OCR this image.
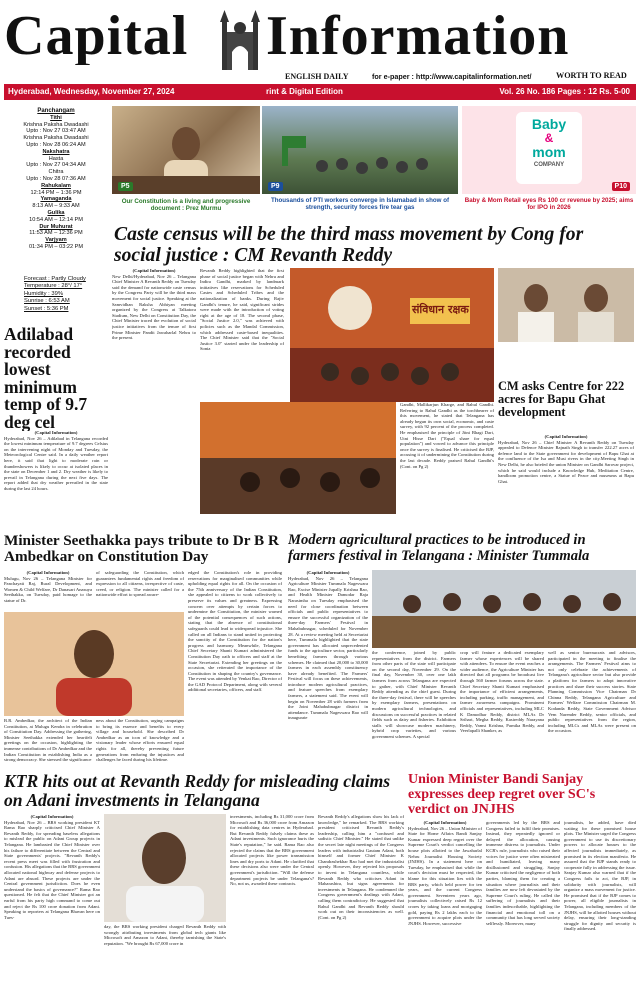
Capital Information
ENGLISH DAILY	for e-paper : http://www.capitalinformation.net/	WORTH TO READ
Hyderabad, Wednesday, November 27, 2024	rint & Digital Edition	Vol. 26 No. 186 Pages : 12 Rs. 5-00
Panchangam
Tithi
Krishna Paksha Dwadashi
Upto : Nov 27 03:47 AM
Krishna Paksha Dwadashi
Upto : Nov 28 06:24 AM
Nakshatra
Hasta
Upto : Nov 27 04:34 AM
Chitra
Upto : Nov 28 07:36 AM
Rahukalam
12:14 PM – 1:36 PM
Yamaganda
8:13 AM – 9:33 AM
Gulika
10:54 AM – 12:14 PM
Dur Muhurat
11:53 AM – 12:36 PM
Varjyam
01:34 PM – 03:22 PM
Forecast : Partly Cloudy
Temperature : 28°/ 17°
Humidity : 39%
Sunrise : 6:53 AM
Sunset : 5:36 PM
Adilabad recorded lowest minimum temp of 9.7 deg cel
(Capital Information)
Hyderabad, Nov 26 – Adilabad in Telangana recorded the lowest minimum temperature of 9.7 degrees Celsius on the intervening night of Monday and Tuesday, the Meteorological Centre said. In a daily weather report here, it said that light to moderate rain or thundershowers is likely to occur at isolated places in the state on December 1 and 2. Dry weather is likely to prevail in Telangana during the next five days. The report added that dry weather prevailed in the state during the last 24 hours.
P5
Our Constitution is a living and progressive document : Prez Murmu
P9
Thousands of PTI workers converge in Islamabad in show of strength, security forces fire tear gas
Baby
&
mom
COMPANY
P10
Baby & Mom Retail eyes Rs 100 cr revenue by 2025; aims for IPO in 2026
Caste census will be the third mass movement by Cong for social justice : CM Revanth Reddy
(Capital Information)
New Delhi/Hyderabad, Nov 26 – Telangana Chief Minister A Revanth Reddy on Tuesday said the demand for nationwide caste census by the Congress Party will be the third mass movement for social justice. Speaking at the Samvidhan Raksha Abhiyan meeting organized by the Congress at Talkatora Stadium, New Delhi on Constitution Day, the Chief Minister traced the evolution of social justice initiatives from the tenure of first Prime Minister Pandit Jawaharlal Nehru to the present.
Revanth Reddy highlighted that the first phase of social justice began with Nehru and Indira Gandhi, marked by landmark initiatives like reservations for Scheduled Castes and Scheduled Tribes and the nationalization of banks. During Rajiv Gandhi's tenure, he said, significant strides were made with the introduction of voting right at the age of 18. The second phase, "Social Justice 2.0," was achieved with policies such as the Mandal Commission, which addressed caste-based inequalities. The Chief Minister said that the "Social Justice 3.0" started under the leadership of Sonia
संविधान रक्षक
Gandhi, Mallikarjun Kharge, and Rahul Gandhi. Referring to Rahul Gandhi as the torchbearer of this movement, he stated that Telangana has already begun its own social, economic, and caste survey, with 92 percent of the process completed. He emphasised the principle of Jitni Bhagi Dari, Utni Hisse Dari ("Equal share for equal population") and vowed to advance this principle once the survey is finalised. He criticised the BJP, accusing it of undermining the Constitution during the last decade. Reddy praised Rahul Gandhi's (Cont. on Pg 2)
CM asks Centre for 222 acres for Bapu Ghat development
(Capital Information)
Hyderabad, Nov 26 – Chief Minister A Revanth Reddy on Tuesday appealed to Defence Minister Rajnath Singh to transfer 222.27 acres of defence land to the State government for development of Bapu Ghat at the confluence of the Isa and Musi rivers in the city.Meeting Singh in New Delhi, he also briefed the union Minister on Gandhi Sarovar project, which he said would include a Knowledge Hub, Meditation Centre, handloom promotion centre, a Statue of Peace and museums at Bapu Ghat.
Minister Seethakka pays tribute to Dr B R Ambedkar on Constitution Day
(Capital Information)
Mulugu, Nov 26 – Telangana Minister for Panchayati Raj, Rural Development, and Women & Child Welfare, Dr Danasari Anasuya Seethakka, on Tuesday, paid homage to the statue of Dr.
of safeguarding the Constitution, which guarantees fundamental rights and freedom of expression to all citizens, irrespective of caste, creed, or religion. The minister called for a nationwide effort to spread aware-
B.R. Ambedkar, the architect of the Indian Constitution, at Mulugu Kendra in celebration of Constitution Day. Addressing the gathering, Minister Seethakka extended her heartfelt greetings on the occasion, highlighting the immense contributions of Dr Ambedkar and the Indian Constitution in establishing India as a strong democracy. She stressed the significance
ness about the Constitution, urging campaigns to bring its essence and benefits to every village and household. She described Dr Ambedkar as an icon of knowledge and a visionary leader whose efforts ensured equal rights for all, thereby preventing future generations from enduring the injustices and challenges he faced during his lifetime.
edged the Constitution's role in providing reservations for marginalised communities while upholding equal rights for all. On the occasion of the 75th anniversary of the Indian Constitution, she appealed to citizens to work collectively to preserve its values and greatness. Expressing concern over attempts by certain forces to undermine the Constitution, the minister warned of the potential consequences of such actions, stating that the absence of constitutional safeguards could lead to widespread injustice. She called on all Indians to stand united in protecting the sanctity of the Constitution for the nation's progress and harmony. Meanwhile, Telangana Chief Secretary Shanti Kumari administered the Constitution Day oath to officers and staff at the State Secretariat. Extending her greetings on the occasion, she reiterated the importance of the Constitution in shaping the country's governance. The event was attended by Venkat Rao, Director of the GAD Protocol Department, along with several additional secretaries, officers, and staff.
Modern agricultural practices to be introduced in farmers festival in Telangana : Minister Tummala
(Capital Information)
Hyderabad, Nov 26 – Telangana Agriculture Minister Tummala Nageswara Rao, Excise Minister Jupally Krishna Rao, and Health Minister Damodar Raja Narasimha on Tuesday emphasised the need for close coordination between officials and public representatives to ensure the successful organization of the three-day Farmers' Festival in Mahabubnagar, scheduled for November 28. At a review meeting held at Secretariat here, Tummala highlighted that the state government has allocated unprecedented funds to the agriculture sector, particularly benefiting farmers through various schemes. He claimed that 20,000 to 30,000 farmers in each assembly constituency have already benefited. The Farmers' Festival will focus on these achievements, introduce modern agricultural practices, and feature speeches from exemplary farmers, a statement said. The event will begin on November 28 with farmers from the Joint Mahabubnagar district in attendance. Tummala Nageswara Rao will inaugurate
the conference, joined by public representatives from the district. Farmers from other parts of the state will participate on the second day, November 29. On the final day, November 30, over one lakh farmers from across Telangana are expected to gather, with Chief Minister Revanth Reddy attending as the chief guest. During the three-day festival, there will be speeches by exemplary farmers, presentations on modern agricultural technologies, and discussions on successful practices in related fields such as dairy and fisheries. Exhibition stalls will showcase modern machinery, hybrid crop varieties, and various government schemes. A special
crop will feature a dedicated exemplary farmer whose experiences will be shared with attendees. To ensure the event reaches a wider audience, the Agriculture Minister has directed that all programs be broadcast live through 560 farmer forums across the state. Chief Secretary Shanti Kumari emphasised the importance of efficient arrangements, including parking, traffic management, and farmer awareness campaigns. Prominent officials and representatives, including MLC K Damodhar Reddy, district MLAs Dr Srihari, Megha Reddy, Kasireddy Narayana Reddy, Vamsi Krishna, Parnika Reddy, and Veerlapalli Shanker, as
well as senior bureaucrats and advisors, participated in the meeting to finalise the arrangements. The Farmers' Festival aims to not only celebrate the achievements of Telangana's agriculture sector but also provide a platform for farmers to adopt innovative practices and share their success stories. State Planning Commission Vice Chairman Dr Chinna Reddy, Telangana Agriculture and Farmers' Welfare Commission Chairman M. Kodanda Reddy, State Government Advisor Vem Narender Reddy, senior officials, and public representatives from the region, including MLCs and MLAs were present on the occasion.
KTR hits out at Revanth Reddy for misleading claims on Adani investments in Telangana
(Capital Information)
Hyderabad, Nov 26 – BRS working president KT Rama Rao sharply criticised Chief Minister A Revanth Reddy, for spreading baseless allegations to mislead the public on Adani Group projects in Telangana. He lambasted the Chief Minister over his failure to differentiate between the Central and State governments' projects. "Revanth Reddy's recent press meet was filled with frustration and confusion. His allegations that the BRS government allocated national highway and defense projects to Adani are absurd. These projects are under the Central government jurisdiction. Does he even understand the basics of governance?" Rama Rao questioned. He felt that the Chief Minister got an earful from his party high command to come out and reject the Rs 100 crore donation from Adani. Speaking to reporters at Telangana Bhavan here on Tues-
day, the BRS working president charged Revanth Reddy with wrongly attributing investments from global tech giants like Microsoft and Amazon to Adani, thereby tarnishing the State's reputation. "We brought Rs 67,000 crore in
investments, including Rs 31,000 crore from Microsoft and Rs 36,000 crore from Amazon for establishing data centres in Hyderabad. But Revanth Reddy falsely claims these as Adani investments. Such ignorance hurts the State's reputation," he said. Rama Rao also rejected the claims that the BRS government allocated projects like power transmission lines and dry ports to Adani. He clarified that these decisions also were under the Central government's jurisdiction. "Will the defense department projects be under Telangana's? No, not us, awarded these contracts.
Revanth Reddy's allegations show his lack of knowledge," he remarked. The BRS working president criticised Revanth Reddy's leadership, calling him a "confused and sadistic Chief Minister." He stated that unlike the secret late night meetings of the Congress leaders with industrialist Gautam Adani, both himself and former Chief Minister K Chandrashekhar Rao had met the industrialist openly. However, they rejected his proposals to invest in Telangana countless, while Revanth Reddy who criticises Adani in Maharashtra, but signs agreements for investments in Telangana. He condemned the Congress government's dealings with Adani, calling them contradictory. He suggested that Rahul Gandhi and Revanth Reddy should work out on their inconsistencies as well. (Cont. on Pg 2)
Union Minister Bandi Sanjay expresses deep regret over SC's verdict on JNJHS
(Capital Information)
Hyderabad, Nov 26 – Union Minister of State for Home Affairs Bandi Sanjay Kumar expressed deep regret over the Supreme Court's verdict cancelling the house plots allotted to the Jawaharlal Nehru Journalist Housing Society (JNJHS). In a statement here on Tuesday, he emphasised that while the court's decision must be respected, the blame for this situation lies with the BRS party, which held power for ten years, and the current Congress government. Seventeen years ago, journalists collectively raised Rs 12 crores by taking loans and mortgaging gold, paying Rs 2 lakhs each to the government to acquire plots under the JNJHS. However, successive
governments led by the BRS and Congress failed to fulfil their promises. Instead, they repeatedly ignored or delayed the allocation, causing immense distress to journalists. Under KCR's rule, journalists who raised their voices for justice were often mistreated and humiliated, leaving many disillusioned and struggling. Sanjay Kumar criticised the negligence of both parties, blaming them for creating a situation where journalists and their families are now left devastated by the Supreme Court's ruling. He called the suffering of journalists and their families indescribable, highlighting the financial and emotional toll on a community that has long served society selflessly. Moreover, many
journalists, he added, have died waiting for these promised house plots. The Minister urged the Congress government to use its discretionary powers to allocate houses to the affected journalists immediately, as promised in its election manifesto. He assured that the BJP stands ready to cooperate fully in addressing the issue. Sanjay Kumar also warned that if the Congress fails to act, the BJP, in solidarity with journalists, will organize a mass movement for justice. He promised that if the BJP comes to power, all eligible journalists in Telangana, including members of the JNJHS, will be allotted houses without delay, ensuring their long-standing struggle for dignity and security is finally addressed.
